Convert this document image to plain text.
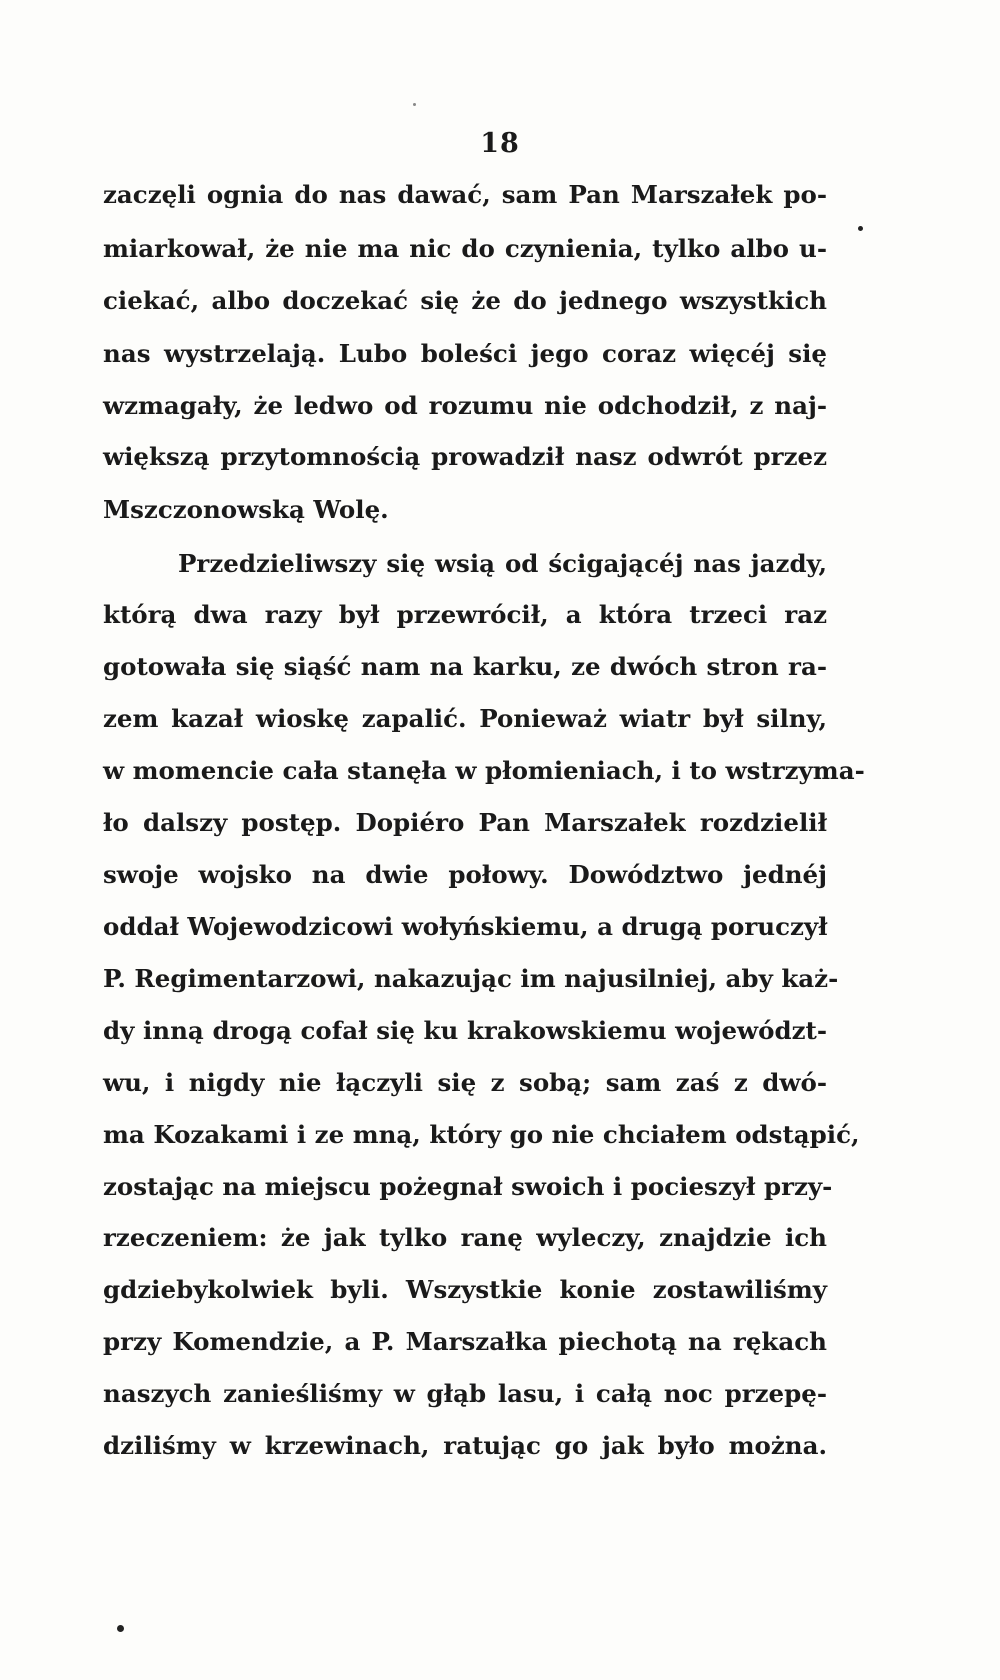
18
zaczęli ognia do nas dawać, sam Pan Marszałek po-
miarkował, że nie ma nic do czynienia, tylko albo u-
ciekać, albo doczekać się że do jednego wszystkich
nas wystrzelają. Lubo boleści jego coraz więcéj się
wzmagały, że ledwo od rozumu nie odchodził, z naj-
większą przytomnością prowadził nasz odwrót przez
Mszczonowską Wolę.
Przedzieliwszy się wsią od ścigającéj nas jazdy,
którą dwa razy był przewrócił, a która trzeci raz
gotowała się siąść nam na karku, ze dwóch stron ra-
zem kazał wioskę zapalić. Ponieważ wiatr był silny,
w momencie cała stanęła w płomieniach, i to wstrzyma-
ło dalszy postęp. Dopiéro Pan Marszałek rozdzielił
swoje wojsko na dwie połowy. Dowództwo jednéj
oddał Wojewodzicowi wołyńskiemu, a drugą poruczył
P. Regimentarzowi, nakazując im najusilniej, aby każ-
dy inną drogą cofał się ku krakowskiemu województ-
wu, i nigdy nie łączyli się z sobą; sam zaś z dwó-
ma Kozakami i ze mną, który go nie chciałem odstąpić,
zostając na miejscu pożegnał swoich i pocieszył przy-
rzeczeniem: że jak tylko ranę wyleczy, znajdzie ich
gdziebykolwiek byli. Wszystkie konie zostawiliśmy
przy Komendzie, a P. Marszałka piechotą na rękach
naszych zanieśliśmy w głąb lasu, i całą noc przepę-
dziliśmy w krzewinach, ratując go jak było można.
